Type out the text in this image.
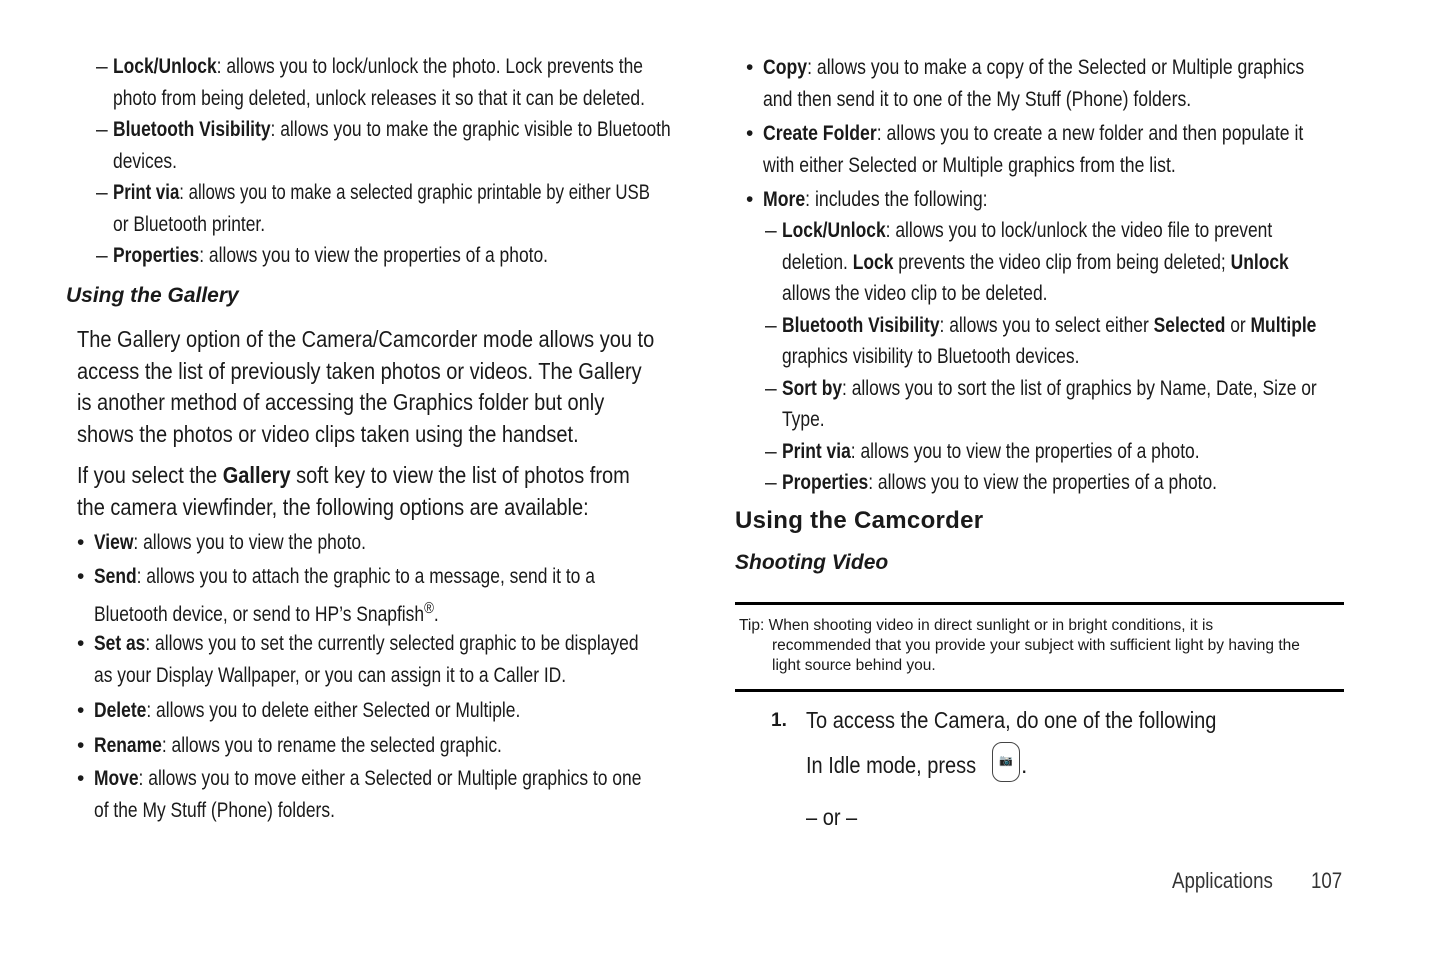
– Lock/Unlock: allows you to lock/unlock the photo. Lock prevents the
photo from being deleted, unlock releases it so that it can be deleted.
– Bluetooth Visibility: allows you to make the graphic visible to Bluetooth
devices.
– Print via: allows you to make a selected graphic printable by either USB
or Bluetooth printer.
– Properties: allows you to view the properties of a photo.
Using the Gallery
The Gallery option of the Camera/Camcorder mode allows you to
access the list of previously taken photos or videos. The Gallery
is another method of accessing the Graphics folder but only
shows the photos or video clips taken using the handset.
If you select the Gallery soft key to view the list of photos from
the camera viewfinder, the following options are available:
• View: allows you to view the photo.
• Send: allows you to attach the graphic to a message, send it to a
Bluetooth device, or send to HP’s Snapfish®.
• Set as: allows you to set the currently selected graphic to be displayed
as your Display Wallpaper, or you can assign it to a Caller ID.
• Delete: allows you to delete either Selected or Multiple.
• Rename: allows you to rename the selected graphic.
• Move: allows you to move either a Selected or Multiple graphics to one
of the My Stuff (Phone) folders.
• Copy: allows you to make a copy of the Selected or Multiple graphics
and then send it to one of the My Stuff (Phone) folders.
• Create Folder: allows you to create a new folder and then populate it
with either Selected or Multiple graphics from the list.
• More: includes the following:
– Lock/Unlock: allows you to lock/unlock the video file to prevent
deletion. Lock prevents the video clip from being deleted; Unlock
allows the video clip to be deleted.
– Bluetooth Visibility: allows you to select either Selected or Multiple
graphics visibility to Bluetooth devices.
– Sort by: allows you to sort the list of graphics by Name, Date, Size or
Type.
– Print via: allows you to view the properties of a photo.
– Properties: allows you to view the properties of a photo.
Using the Camcorder
Shooting Video
1. To access the Camera, do one of the following
In Idle mode, press	📷 .
– or –
Tip: When shooting video in direct sunlight or in bright conditions, it is
recommended that you provide your subject with sufficient light by having the
light source behind you.
Applications	107
